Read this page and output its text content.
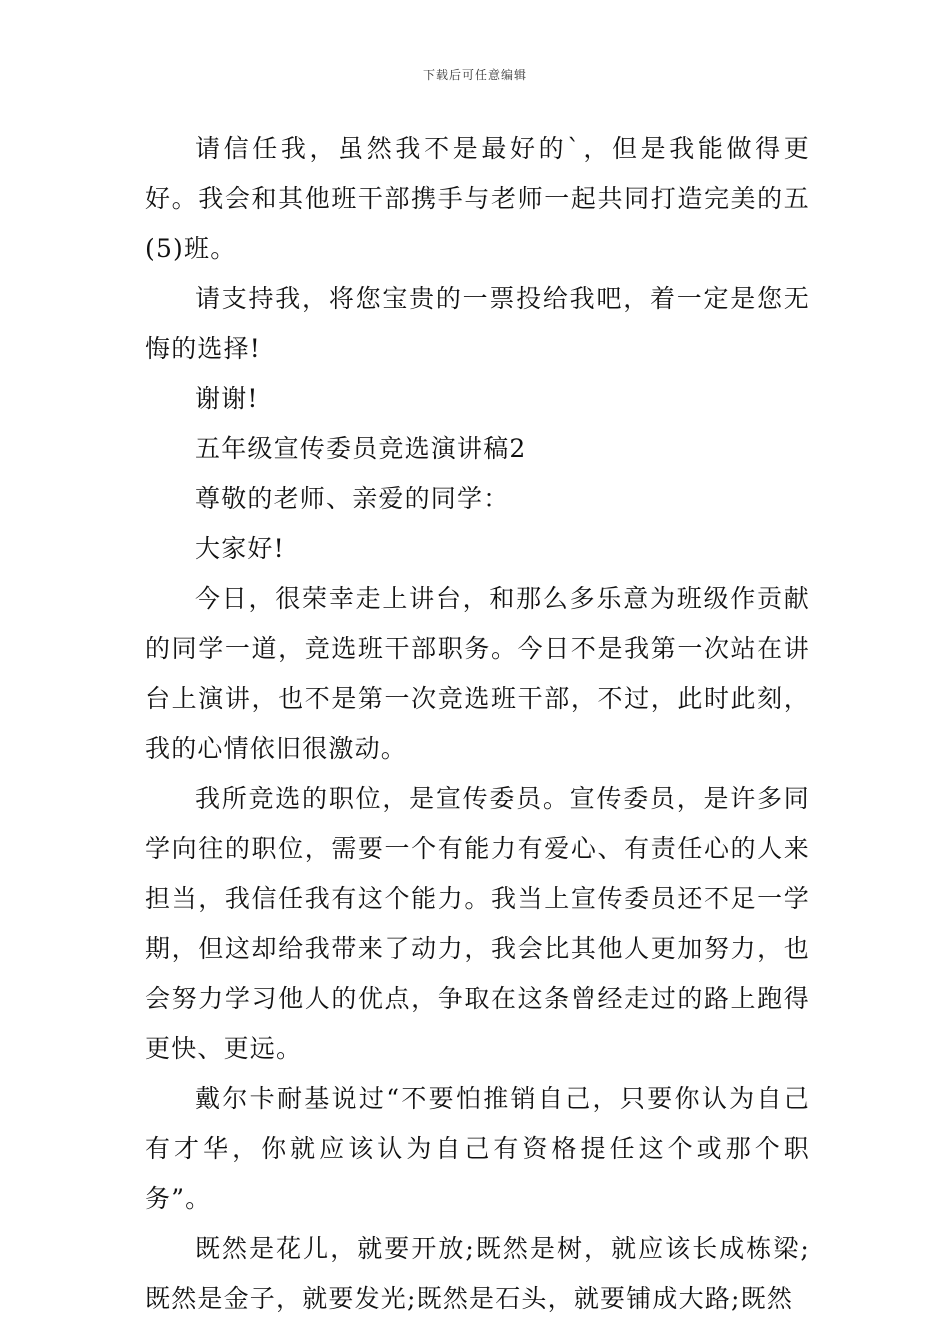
下载后可任意编辑

请信任我，虽然我不是最好的`，但是我能做得更好。我会和其他班干部携手与老师一起共同打造完美的五(5)班。

请支持我，将您宝贵的一票投给我吧，着一定是您无悔的选择!

谢谢!

五年级宣传委员竞选演讲稿2

尊敬的老师、亲爱的同学：

大家好!

今日，很荣幸走上讲台，和那么多乐意为班级作贡献的同学一道，竞选班干部职务。今日不是我第一次站在讲台上演讲，也不是第一次竞选班干部，不过，此时此刻，我的心情依旧很激动。

我所竞选的职位，是宣传委员。宣传委员，是许多同学向往的职位，需要一个有能力有爱心、有责任心的人来担当，我信任我有这个能力。我当上宣传委员还不足一学期，但这却给我带来了动力，我会比其他人更加努力，也会努力学习他人的优点，争取在这条曾经走过的路上跑得更快、更远。

戴尔卡耐基说过“不要怕推销自己，只要你认为自己有才华，你就应该认为自己有资格提任这个或那个职务”。

既然是花儿，就要开放;既然是树，就应该长成栋梁;既然是金子，就要发光;既然是石头，就要铺成大路;既然
